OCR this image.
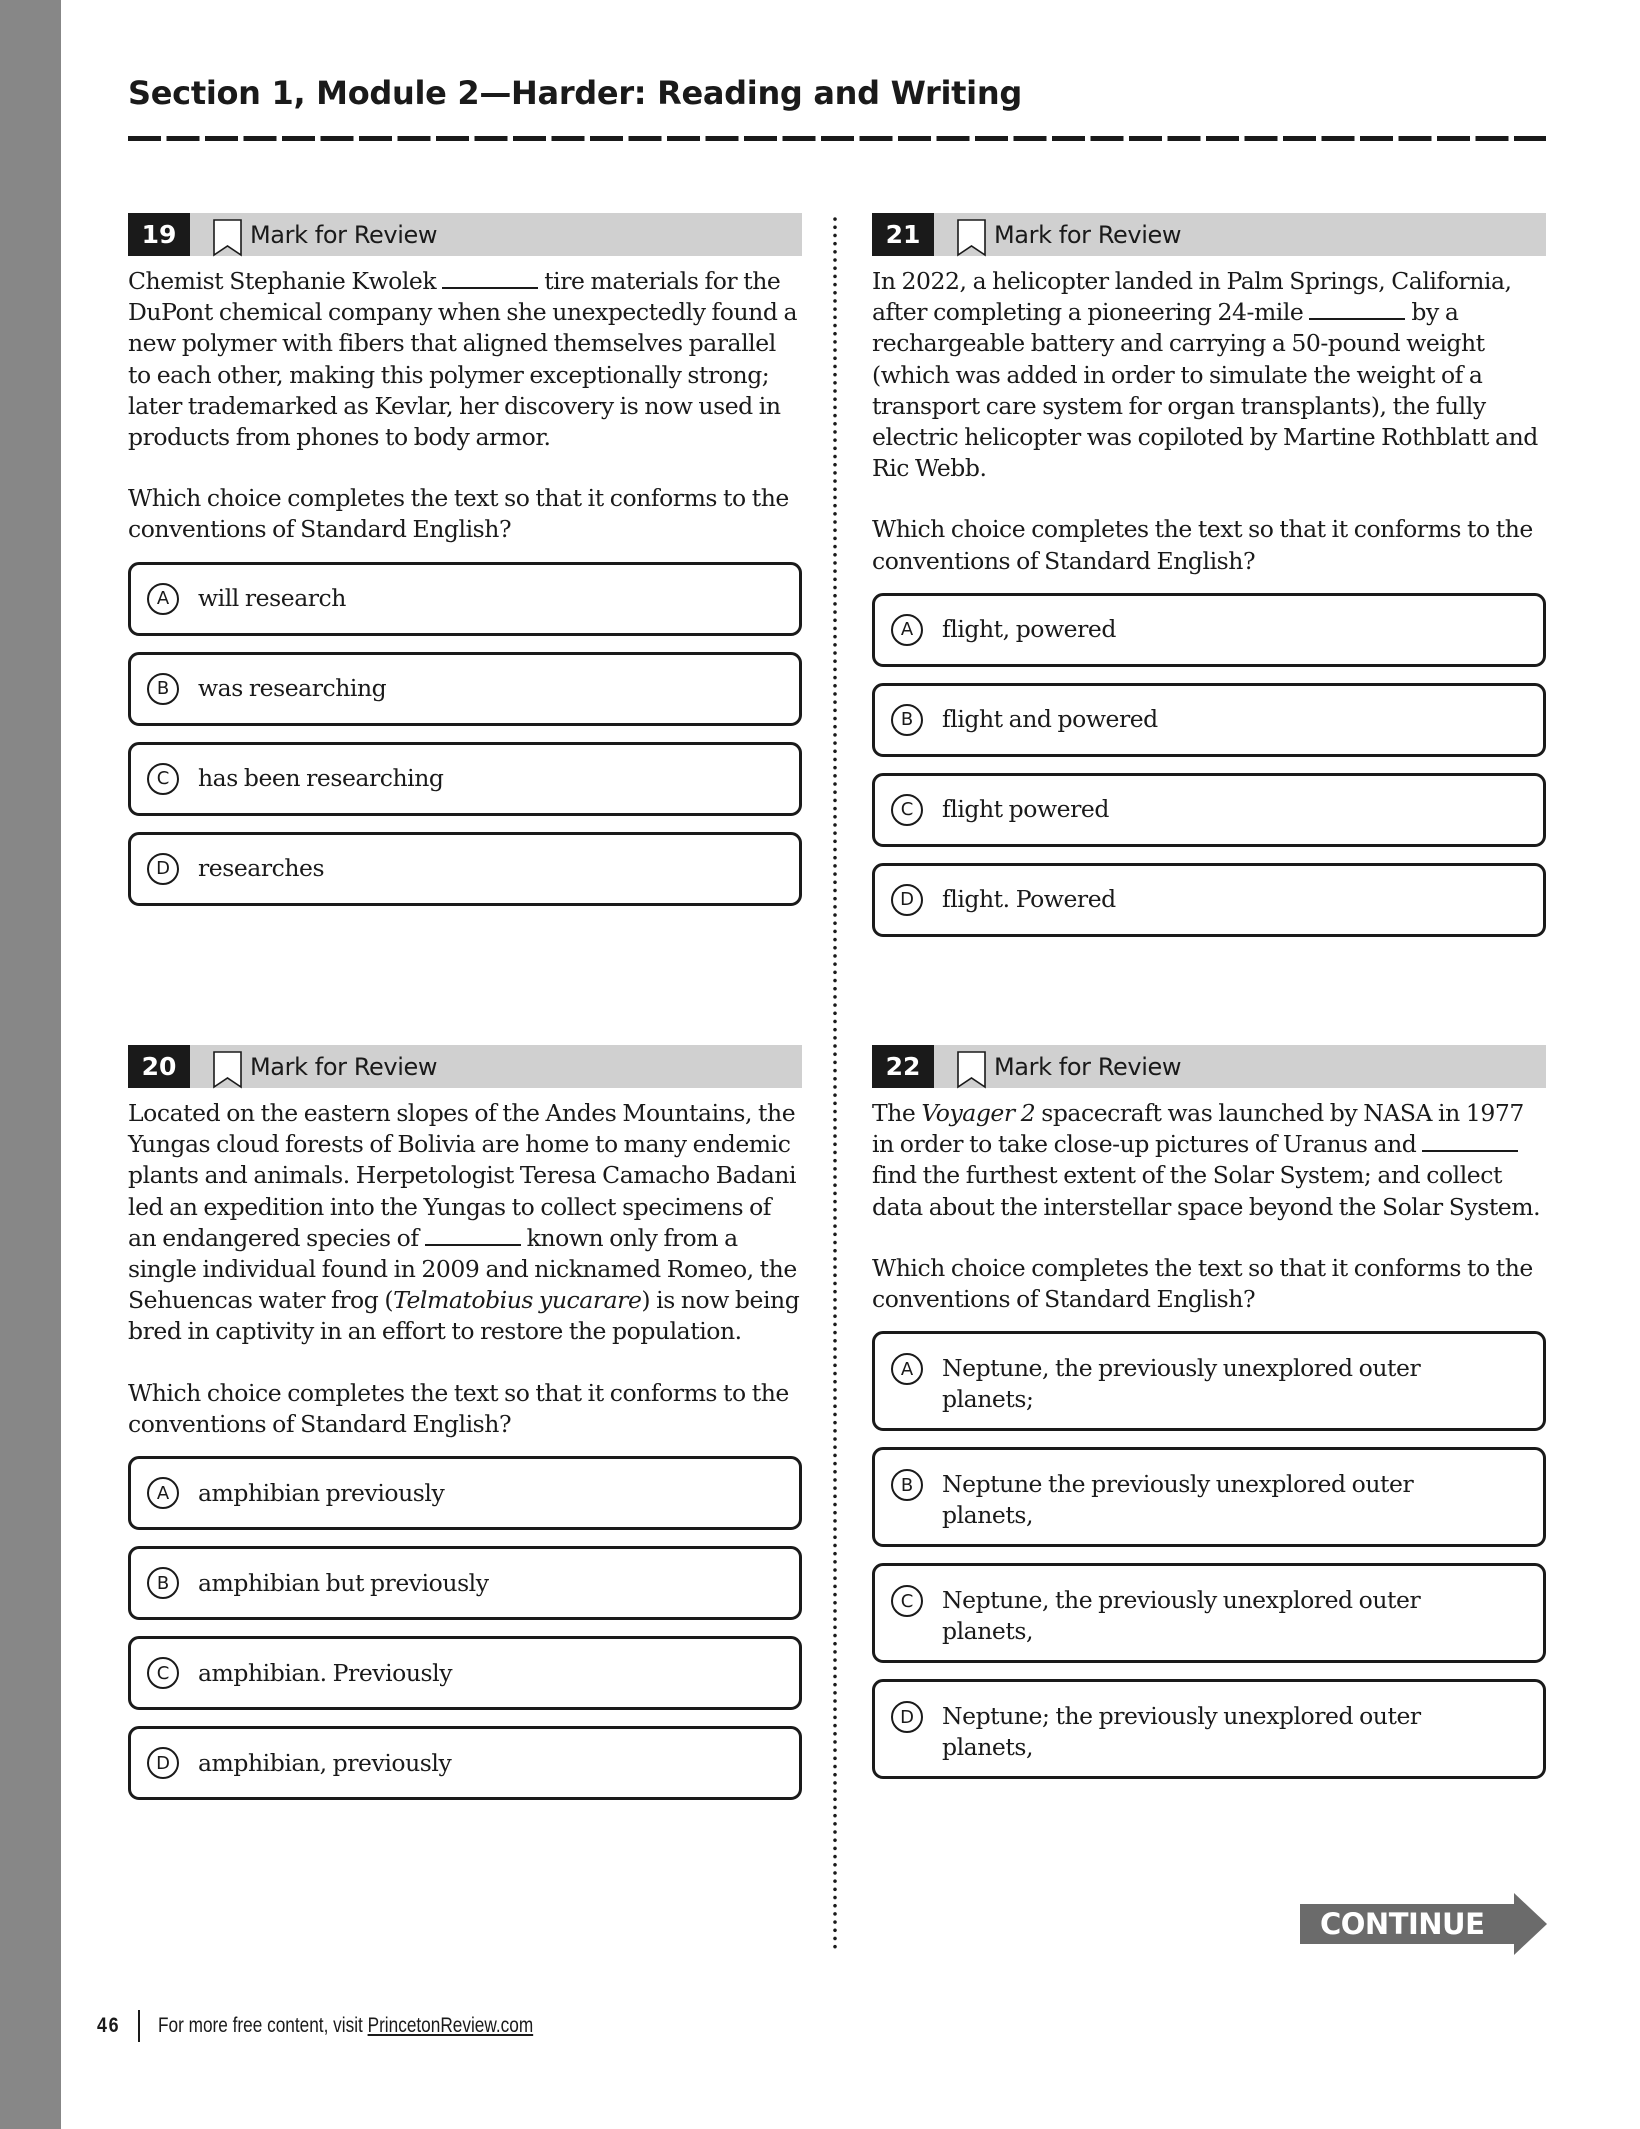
Section 1, Module 2—Harder: Reading and Writing
19	Mark for Review

Chemist Stephanie Kwolek	tire materials for the DuPont chemical company when she unexpectedly found a new polymer with fibers that aligned themselves parallel to each other, making this polymer exceptionally strong; later trademarked as Kevlar, her discovery is now used in products from phones to body armor.

Which choice completes the text so that it conforms to the conventions of Standard English?

A	will research
B	was researching
C	has been researching
D	researches
21	Mark for Review

In 2022, a helicopter landed in Palm Springs, California, after completing a pioneering 24-mile	by a rechargeable battery and carrying a 50-pound weight (which was added in order to simulate the weight of a transport care system for organ transplants), the fully electric helicopter was copiloted by Martine Rothblatt and Ric Webb.

Which choice completes the text so that it conforms to the conventions of Standard English?

A	flight, powered
B	flight and powered
C	flight powered
D	flight. Powered
20	Mark for Review

Located on the eastern slopes of the Andes Mountains, the Yungas cloud forests of Bolivia are home to many endemic plants and animals. Herpetologist Teresa Camacho Badani led an expedition into the Yungas to collect specimens of an endangered species of	known only from a single individual found in 2009 and nicknamed Romeo, the Sehuencas water frog (Telmatobius yucarare) is now being bred in captivity in an effort to restore the population.

Which choice completes the text so that it conforms to the conventions of Standard English?

A	amphibian previously
B	amphibian but previously
C	amphibian. Previously
D	amphibian, previously
22	Mark for Review

The Voyager 2 spacecraft was launched by NASA in 1977 in order to take close-up pictures of Uranus and  find the furthest extent of the Solar System; and collect data about the interstellar space beyond the Solar System.

Which choice completes the text so that it conforms to the conventions of Standard English?

A	Neptune, the previously unexplored outer planets;
B	Neptune the previously unexplored outer planets,
C	Neptune, the previously unexplored outer planets,
D	Neptune; the previously unexplored outer planets,
CONTINUE
46 For more free content, visit PrincetonReview.com
